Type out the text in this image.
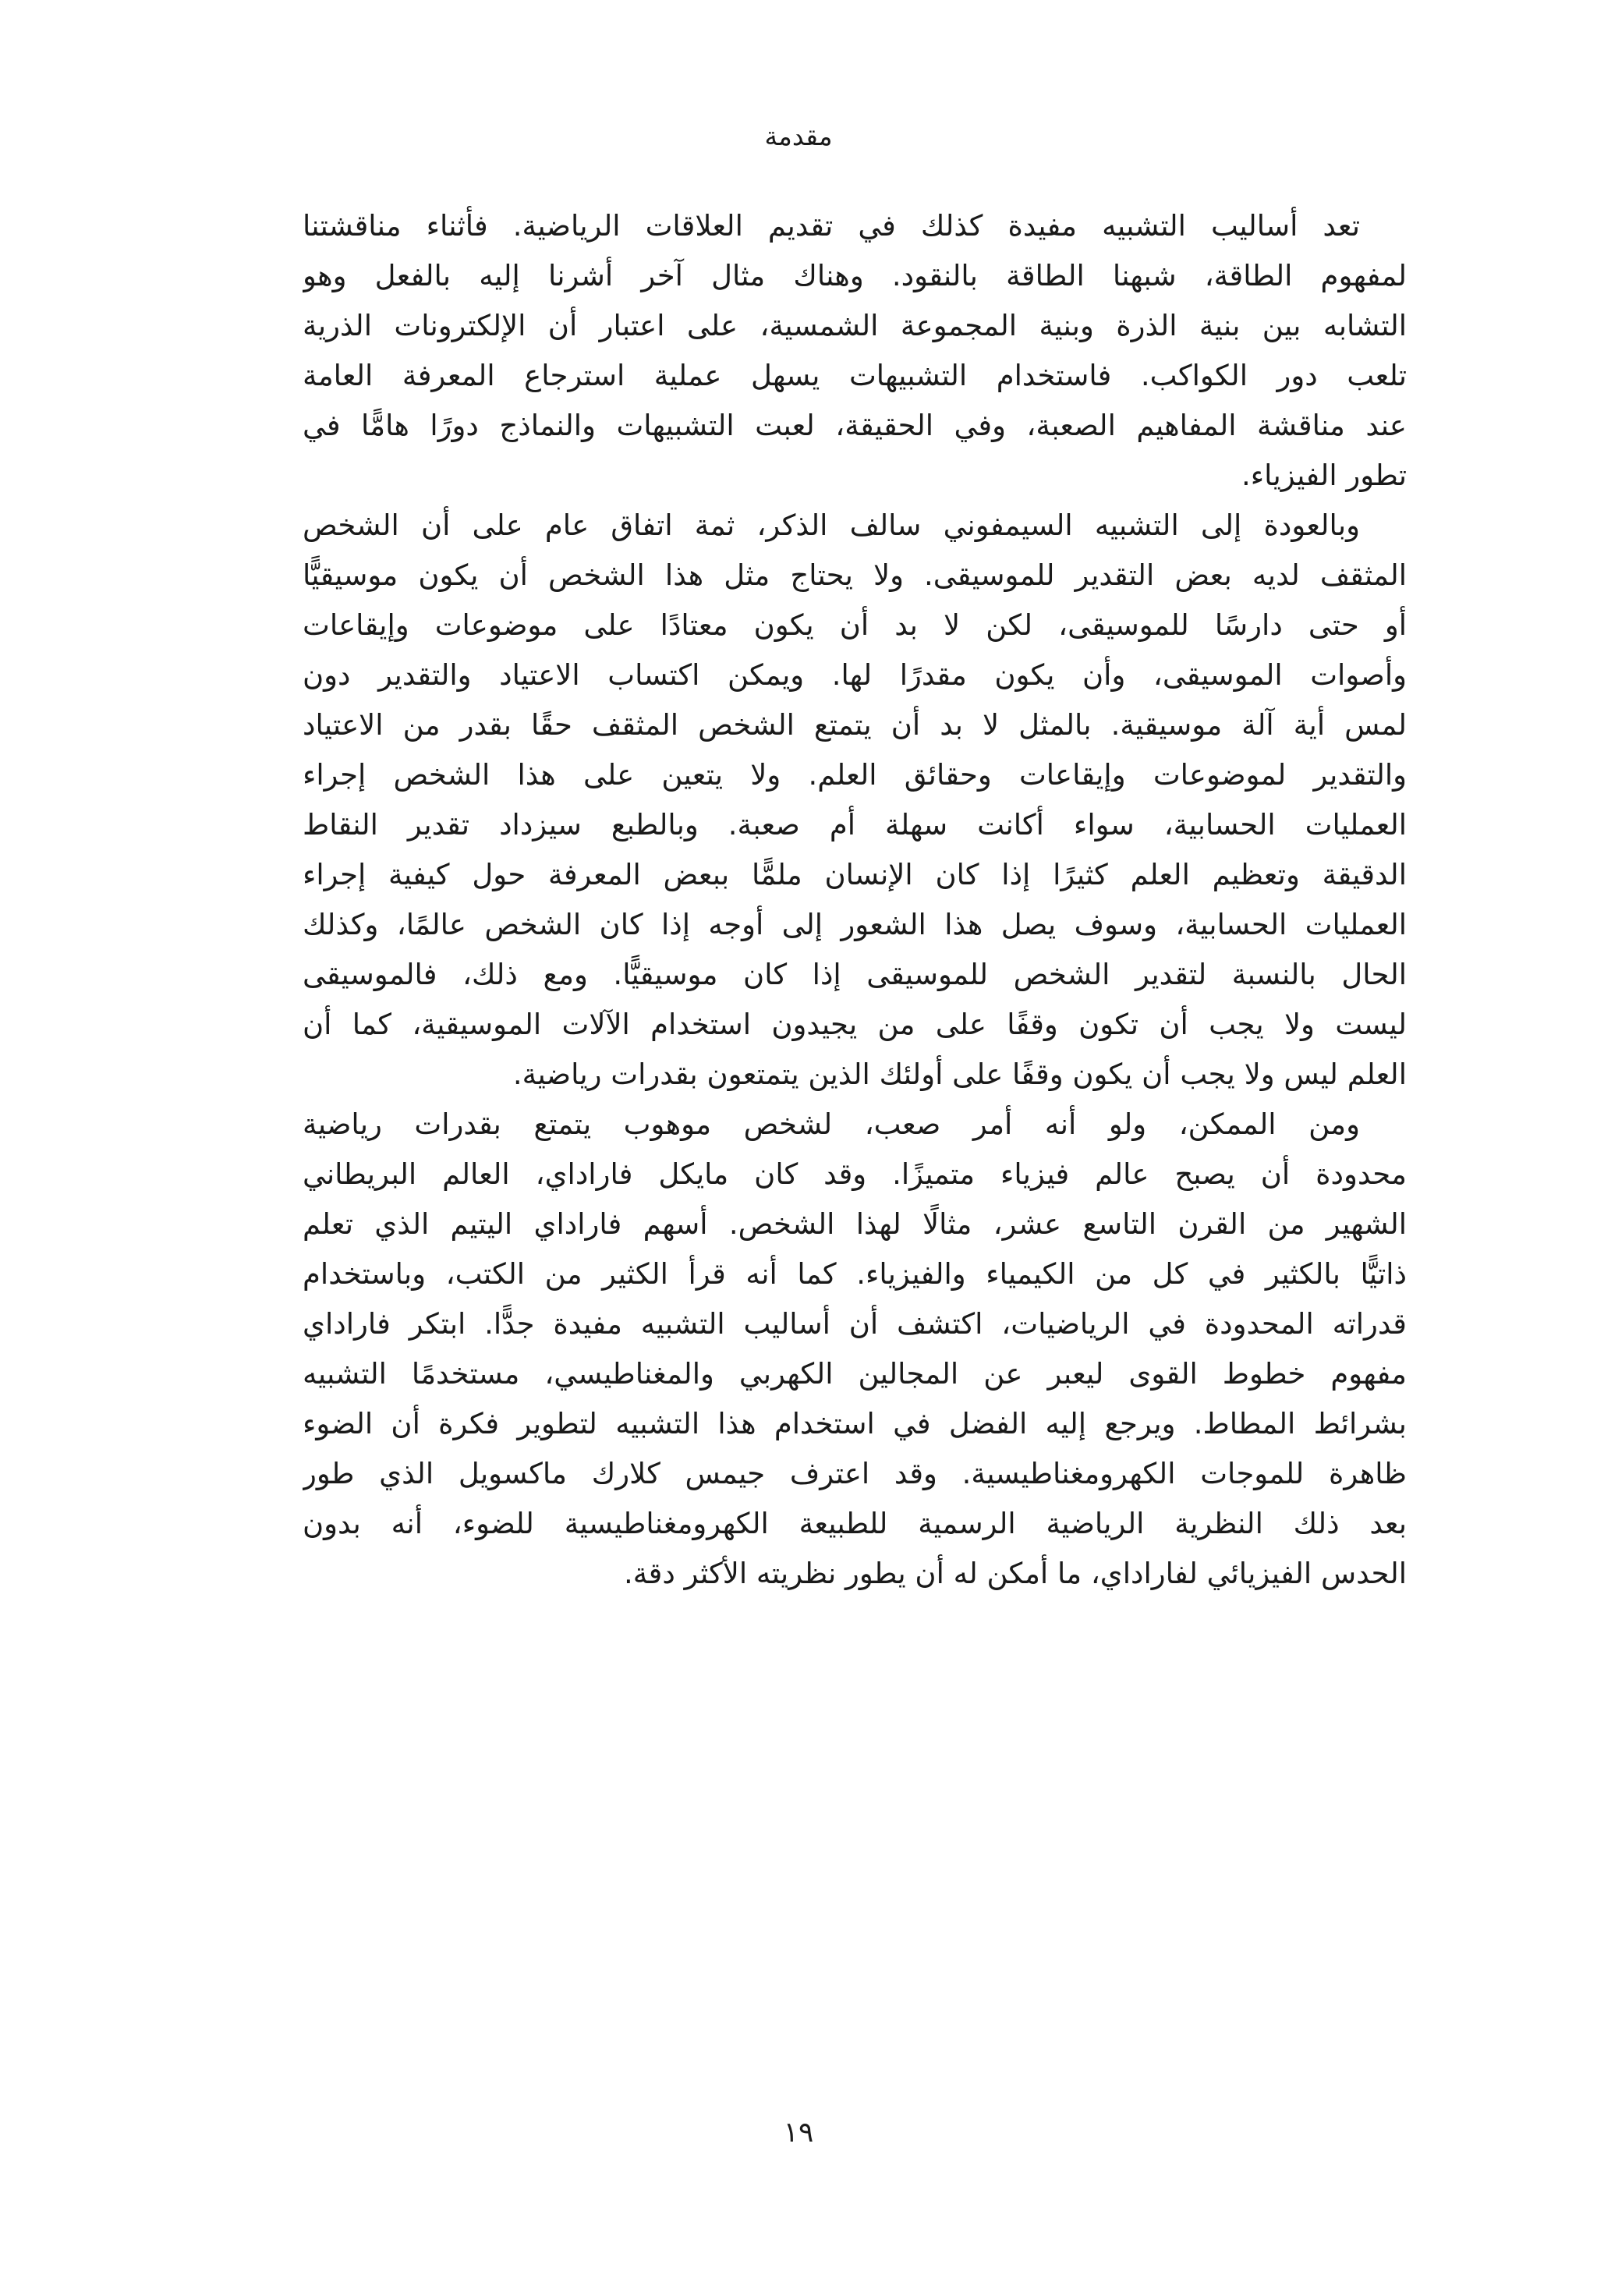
مقدمة
تعد أساليب التشبيه مفيدة كذلك في تقديم العلاقات الرياضية. فأثناء مناقشتنا
لمفهوم الطاقة، شبهنا الطاقة بالنقود. وهناك مثال آخر أشرنا إليه بالفعل وهو
التشابه بين بنية الذرة وبنية المجموعة الشمسية، على اعتبار أن الإلكترونات الذرية
تلعب دور الكواكب. فاستخدام التشبيهات يسهل عملية استرجاع المعرفة العامة
عند مناقشة المفاهيم الصعبة، وفي الحقيقة، لعبت التشبيهات والنماذج دورًا هامًّا في
تطور الفيزياء.
وبالعودة إلى التشبيه السيمفوني سالف الذكر، ثمة اتفاق عام على أن الشخص
المثقف لديه بعض التقدير للموسيقى. ولا يحتاج مثل هذا الشخص أن يكون موسيقيًّا
أو حتى دارسًا للموسيقى، لكن لا بد أن يكون معتادًا على موضوعات وإيقاعات
وأصوات الموسيقى، وأن يكون مقدرًا لها. ويمكن اكتساب الاعتياد والتقدير دون
لمس أية آلة موسيقية. بالمثل لا بد أن يتمتع الشخص المثقف حقًا بقدر من الاعتياد
والتقدير لموضوعات وإيقاعات وحقائق العلم. ولا يتعين على هذا الشخص إجراء
العمليات الحسابية، سواء أكانت سهلة أم صعبة. وبالطبع سيزداد تقدير النقاط
الدقيقة وتعظيم العلم كثيرًا إذا كان الإنسان ملمًّا ببعض المعرفة حول كيفية إجراء
العمليات الحسابية، وسوف يصل هذا الشعور إلى أوجه إذا كان الشخص عالمًا، وكذلك
الحال بالنسبة لتقدير الشخص للموسيقى إذا كان موسيقيًّا. ومع ذلك، فالموسيقى
ليست ولا يجب أن تكون وقفًا على من يجيدون استخدام الآلات الموسيقية، كما أن
العلم ليس ولا يجب أن يكون وقفًا على أولئك الذين يتمتعون بقدرات رياضية.
ومن الممكن، ولو أنه أمر صعب، لشخص موهوب يتمتع بقدرات رياضية
محدودة أن يصبح عالم فيزياء متميزًا. وقد كان مايكل فاراداي، العالم البريطاني
الشهير من القرن التاسع عشر، مثالًا لهذا الشخص. أسهم فاراداي اليتيم الذي تعلم
ذاتيًّا بالكثير في كل من الكيمياء والفيزياء. كما أنه قرأ الكثير من الكتب، وباستخدام
قدراته المحدودة في الرياضيات، اكتشف أن أساليب التشبيه مفيدة جدًّا. ابتكر فاراداي
مفهوم خطوط القوى ليعبر عن المجالين الكهربي والمغناطيسي، مستخدمًا التشبيه
بشرائط المطاط. ويرجع إليه الفضل في استخدام هذا التشبيه لتطوير فكرة أن الضوء
ظاهرة للموجات الكهرومغناطيسية. وقد اعترف جيمس كلارك ماكسويل الذي طور
بعد ذلك النظرية الرياضية الرسمية للطبيعة الكهرومغناطيسية للضوء، أنه بدون
الحدس الفيزيائي لفاراداي، ما أمكن له أن يطور نظريته الأكثر دقة.
١٩
